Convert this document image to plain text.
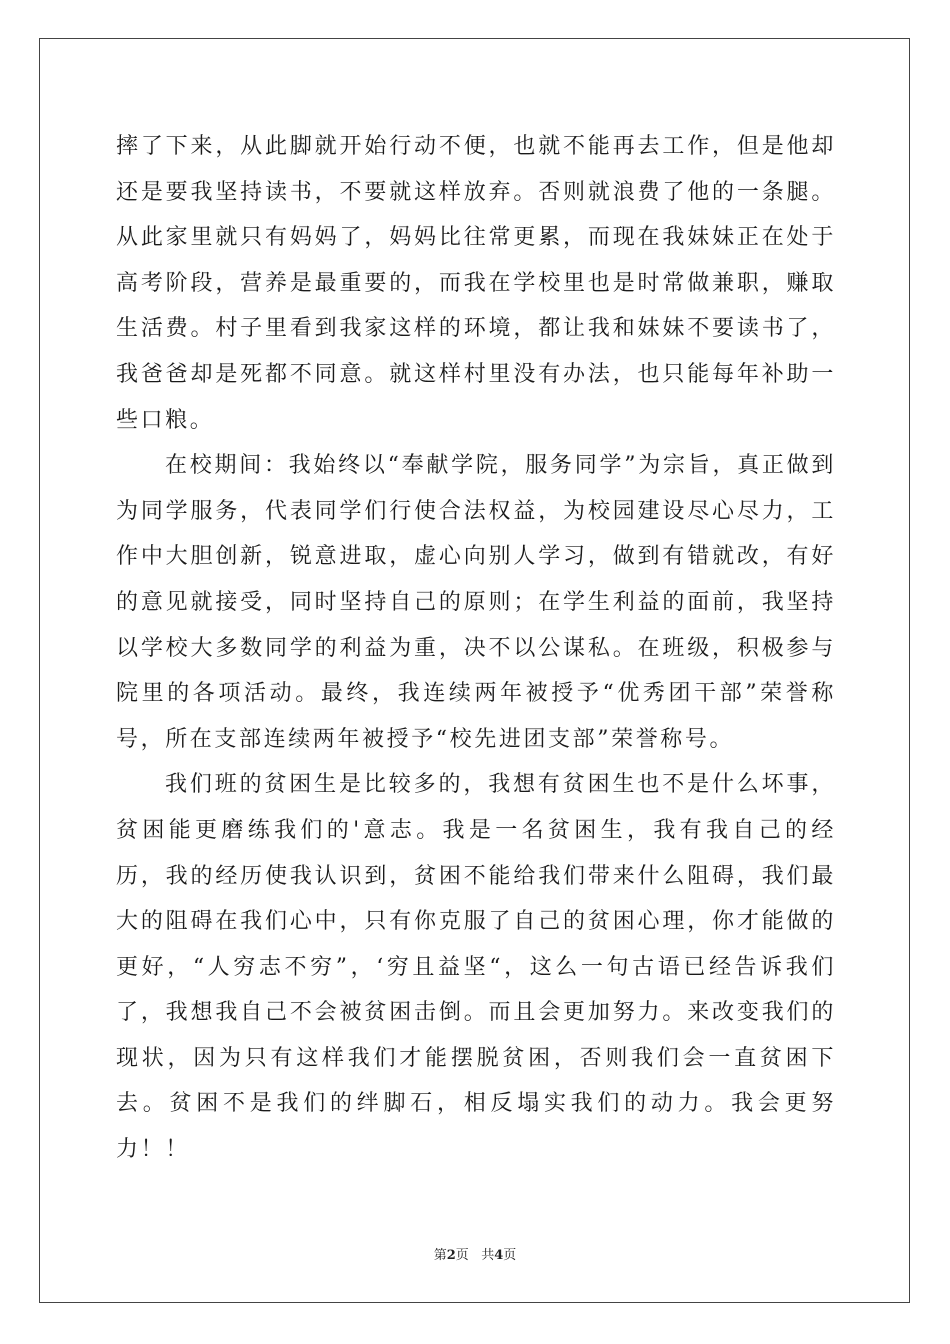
摔了下来，从此脚就开始行动不便，也就不能再去工作，但是他却还是要我坚持读书，不要就这样放弃。否则就浪费了他的一条腿。从此家里就只有妈妈了，妈妈比往常更累，而现在我妹妹正在处于高考阶段，营养是最重要的，而我在学校里也是时常做兼职，赚取生活费。村子里看到我家这样的环境，都让我和妹妹不要读书了，我爸爸却是死都不同意。就这样村里没有办法，也只能每年补助一些口粮。

在校期间：我始终以“奉献学院，服务同学”为宗旨，真正做到为同学服务，代表同学们行使合法权益，为校园建设尽心尽力，工作中大胆创新，锐意进取，虚心向别人学习，做到有错就改，有好的意见就接受，同时坚持自己的原则；在学生利益的面前，我坚持以学校大多数同学的利益为重，决不以公谋私。在班级，积极参与院里的各项活动。最终，我连续两年被授予“优秀团干部”荣誉称号，所在支部连续两年被授予“校先进团支部”荣誉称号。

我们班的贫困生是比较多的，我想有贫困生也不是什么坏事，贫困能更磨练我们的'意志。我是一名贫困生，我有我自己的经历，我的经历使我认识到，贫困不能给我们带来什么阻碍，我们最大的阻碍在我们心中，只有你克服了自己的贫困心理，你才能做的更好，“人穷志不穷”，‘穷且益坚“，这么一句古语已经告诉我们了，我想我自己不会被贫困击倒。而且会更加努力。来改变我们的现状，因为只有这样我们才能摆脱贫困，否则我们会一直贫困下去。贫困不是我们的绊脚石，相反塌实我们的动力。我会更努力！！

第2页 共4页
